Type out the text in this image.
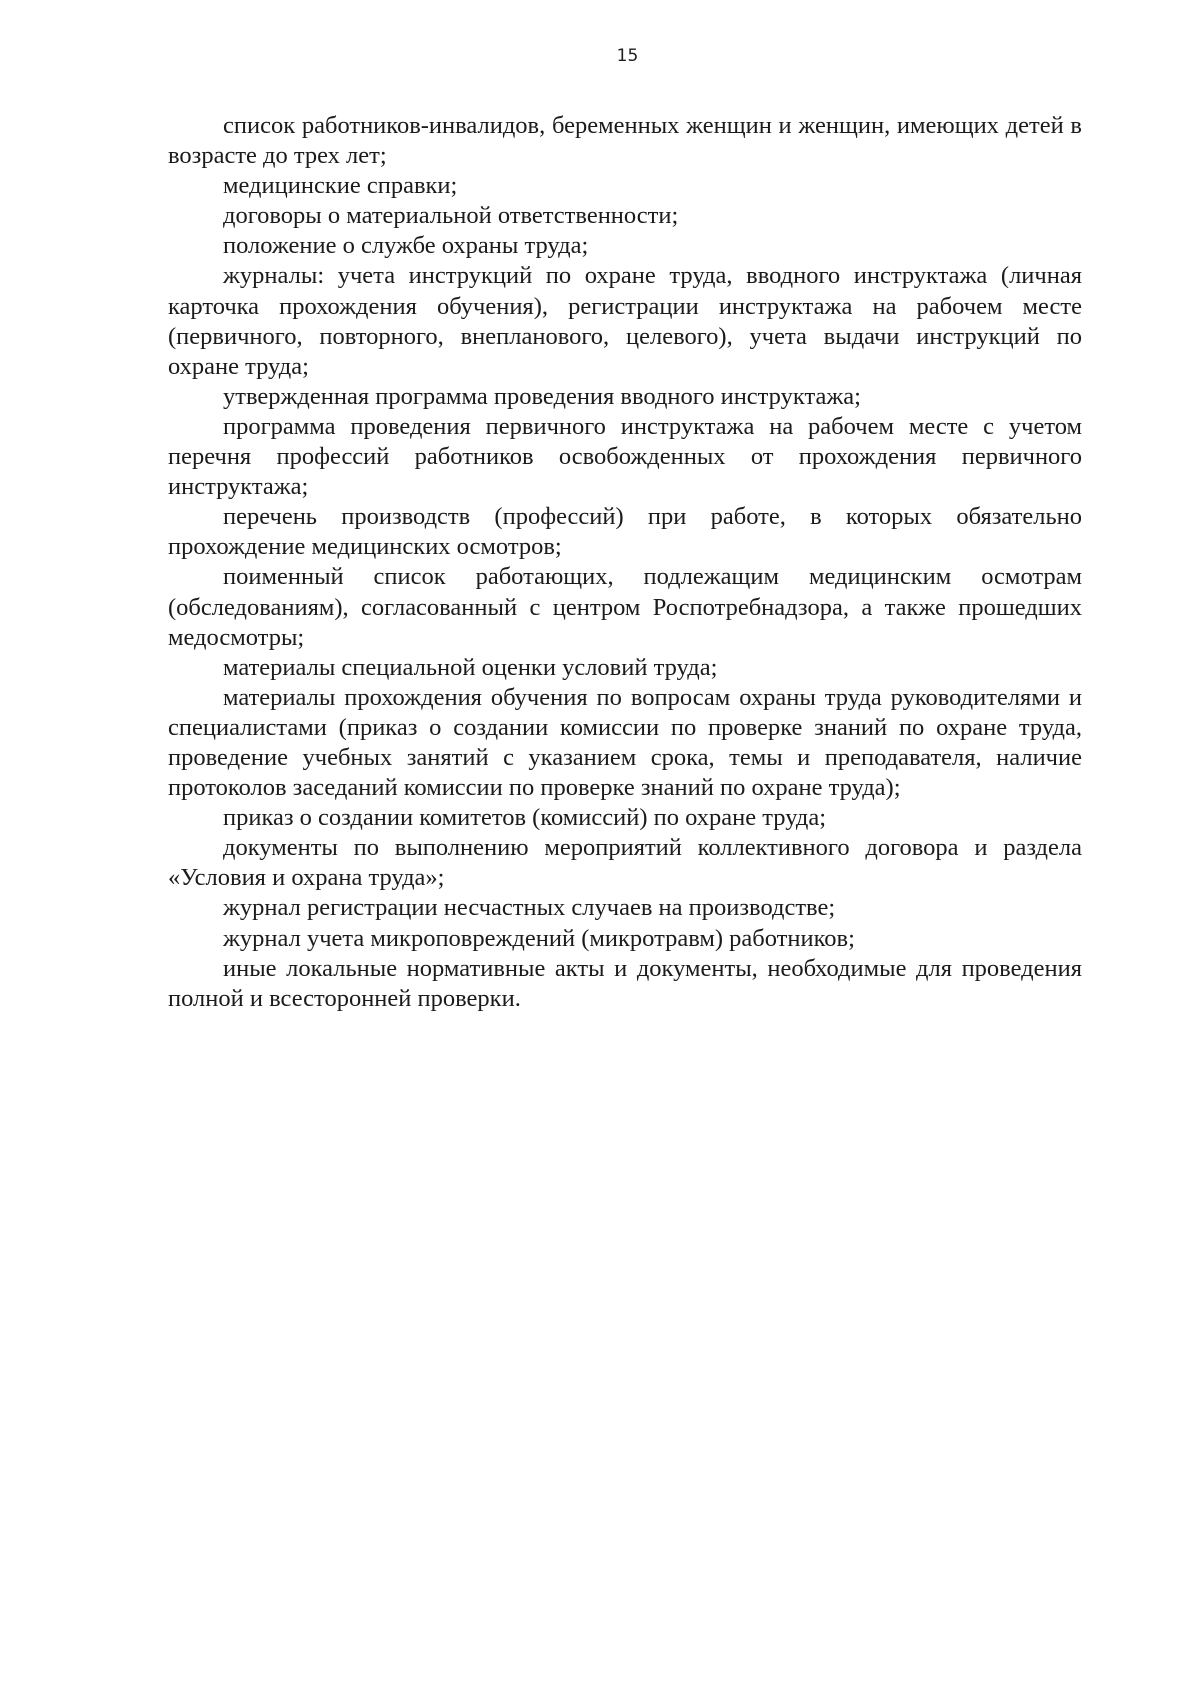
15

список работников-инвалидов, беременных женщин и женщин, имеющих детей в возрасте до трех лет;

медицинские справки;

договоры о материальной ответственности;

положение о службе охраны труда;

журналы: учета инструкций по охране труда, вводного инструктажа (личная карточка прохождения обучения), регистрации инструктажа на рабочем месте (первичного, повторного, внепланового, целевого), учета выдачи инструкций по охране труда;

утвержденная программа проведения вводного инструктажа;

программа проведения первичного инструктажа на рабочем месте с учетом перечня профессий работников освобожденных от прохождения первичного инструктажа;

перечень производств (профессий) при работе, в которых обязательно прохождение медицинских осмотров;

поименный список работающих, подлежащим медицинским осмотрам (обследованиям), согласованный с центром Роспотребнадзора, а также прошедших медосмотры;

материалы специальной оценки условий труда;

материалы прохождения обучения по вопросам охраны труда руководителями и специалистами (приказ о создании комиссии по проверке знаний по охране труда, проведение учебных занятий с указанием срока, темы и преподавателя, наличие протоколов заседаний комиссии по проверке знаний по охране труда);

приказ о создании комитетов (комиссий) по охране труда;

документы по выполнению мероприятий коллективного договора и раздела «Условия и охрана труда»;

журнал регистрации несчастных случаев на производстве;

журнал учета микроповреждений (микротравм) работников;

иные локальные нормативные акты и документы, необходимые для проведения полной и всесторонней проверки.
